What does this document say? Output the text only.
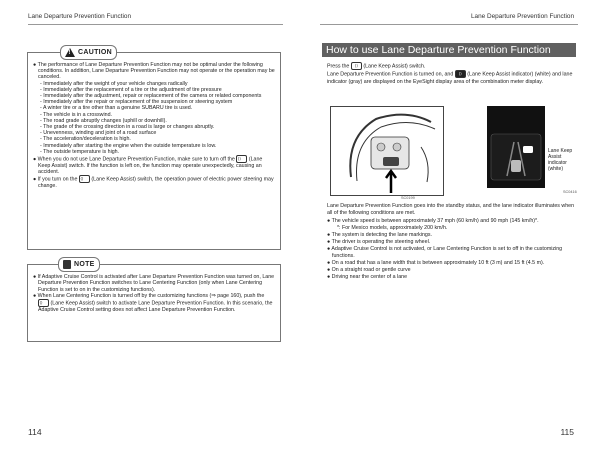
Lane Departure Prevention Function	Lane Departure Prevention Function
! CAUTION

● The performance of Lane Departure Prevention Function may not be optimal under the following conditions. In addition, Lane Departure Prevention Function may not operate or the operation may be canceled.

- Immediately after the weight of your vehicle changes radically

- Immediately after the replacement of a tire or the adjustment of tire pressure

- Immediately after the adjustment, repair or replacement of the camera or related components

- Immediately after the repair or replacement of the suspension or steering system

- A winter tire or a tire other than a genuine SUBARU tire is used.

- The vehicle is in a crosswind.

- The road grade abruptly changes (uphill or downhill).

- The grade of the crossing direction in a road is large or changes abruptly.

- Unevenness, winding and joint of a road surface

- The acceleration/deceleration is high.

- Immediately after starting the engine when the outside temperature is low.

- The outside temperature is high.

● When you do not use Lane Departure Prevention Function, make sure to turn off the ⟨⟩ (Lane Keep Assist) switch. If the function is left on, the function may operate unexpectedly, causing an accident.

● If you turn on the ⟨⟩ (Lane Keep Assist) switch, the operation power of electric power steering may change.

NOTE

● If Adaptive Cruise Control is activated after Lane Departure Prevention Function was turned on, Lane Departure Prevention Function switches to Lane Centering Function (only when Lane Centering Function is set to on in the customizing functions).

● When Lane Centering Function is turned off by the customizing functions (⇒ page 160), push the ⟨⟩ (Lane Keep Assist) switch to activate Lane Departure Prevention Function. In this scenario, the Adaptive Cruise Control setting does not affect Lane Departure Prevention Function.

How to use Lane Departure Prevention Function

Press the ⟨⟩ (Lane Keep Assist) switch.

Lane Departure Prevention Function is turned on, and ⟨⟩ (Lane Keep Assist indicator) (white) and lane indicator (gray) are displayed on the EyeSight display area of the combination meter display.

SC0199
SC0416
Lane Keep Assist indicator (white)
Lane Departure Prevention Function goes into the standby status, and the lane indicator illuminates when all of the following conditions are met.

● The vehicle speed is between approximately 37 mph (60 km/h) and 90 mph (145 km/h)*.

*: For Mexico models, approximately 200 km/h.

● The system is detecting the lane markings.

● The driver is operating the steering wheel.

● Adaptive Cruise Control is not activated, or Lane Centering Function is set to off in the customizing functions.

● On a road that has a lane width that is between approximately 10 ft (3 m) and 15 ft (4.5 m).

● On a straight road or gentle curve

● Driving near the center of a lane

114	115
